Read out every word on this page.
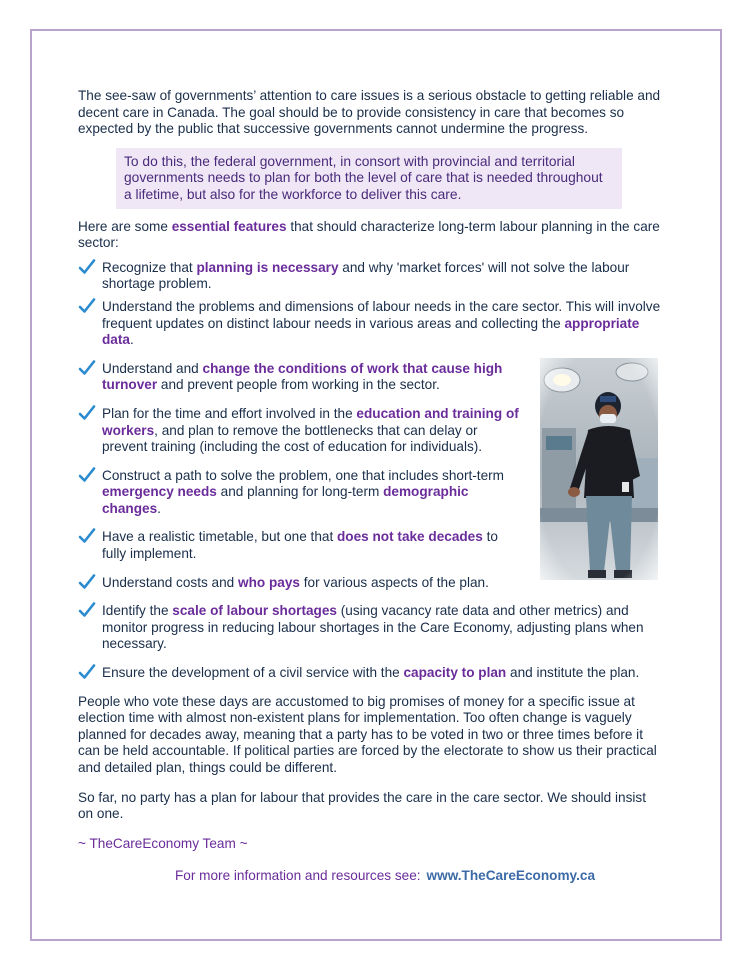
The see-saw of governments’ attention to care issues is a serious obstacle to getting reliable and decent care in Canada. The goal should be to provide consistency in care that becomes so expected by the public that successive governments cannot undermine the progress.

To do this, the federal government, in consort with provincial and territorial governments needs to plan for both the level of care that is needed throughout a lifetime, but also for the workforce to deliver this care.

Here are some essential features that should characterize long-term labour planning in the care sector:

Recognize that planning is necessary and why 'market forces' will not solve the labour shortage problem.
Understand the problems and dimensions of labour needs in the care sector. This will involve frequent updates on distinct labour needs in various areas and collecting the appropriate data.
Understand and change the conditions of work that cause high turnover and prevent people from working in the sector.
Plan for the time and effort involved in the education and training of workers, and plan to remove the bottlenecks that can delay or prevent training (including the cost of education for individuals).
Construct a path to solve the problem, one that includes short-term emergency needs and planning for long-term demographic changes.
Have a realistic timetable, but one that does not take decades to fully implement.
Understand costs and who pays for various aspects of the plan.
Identify the scale of labour shortages (using vacancy rate data and other metrics) and monitor progress in reducing labour shortages in the Care Economy, adjusting plans when necessary.
Ensure the development of a civil service with the capacity to plan and institute the plan.

People who vote these days are accustomed to big promises of money for a specific issue at election time with almost non-existent plans for implementation. Too often change is vaguely planned for decades away, meaning that a party has to be voted in two or three times before it can be held accountable. If political parties are forced by the electorate to show us their practical and detailed plan, things could be different.

So far, no party has a plan for labour that provides the care in the care sector. We should insist on one.

~ TheCareEconomy Team ~

For more information and resources see: www.TheCareEconomy.ca
